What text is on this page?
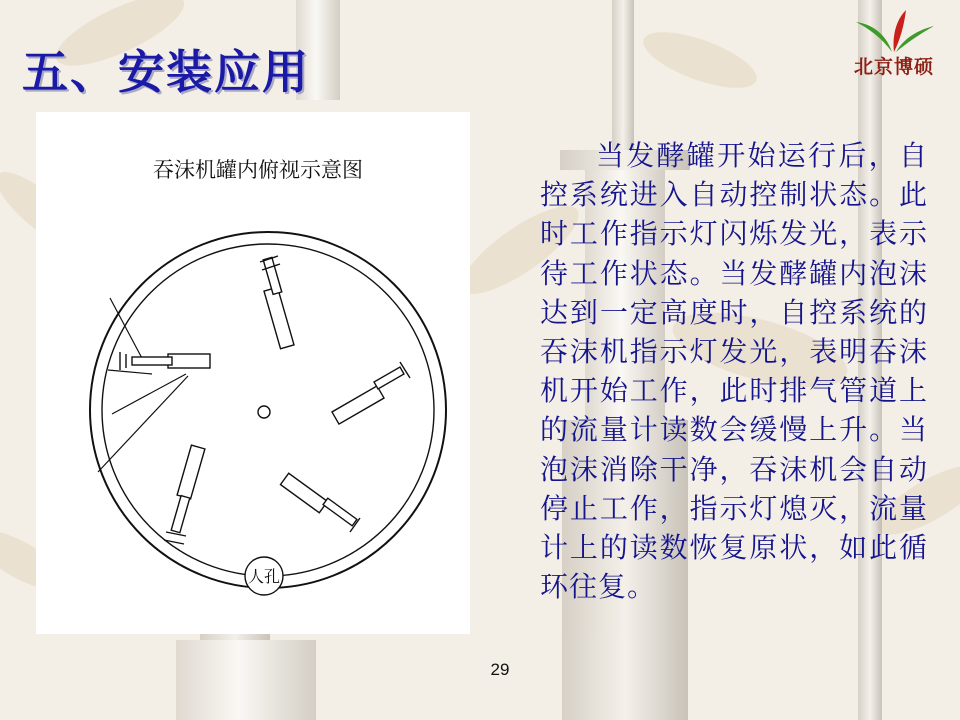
五、安装应用	北京博硕
吞沫机罐内俯视示意图
人孔

当发酵罐开始运行后，自控系统进入自动控制状态。此时工作指示灯闪烁发光，表示待工作状态。当发酵罐内泡沫达到一定高度时，自控系统的吞沫机指示灯发光，表明吞沫机开始工作，此时排气管道上的流量计读数会缓慢上升。当泡沫消除干净，吞沫机会自动停止工作，指示灯熄灭，流量计上的读数恢复原状，如此循环往复。

29
